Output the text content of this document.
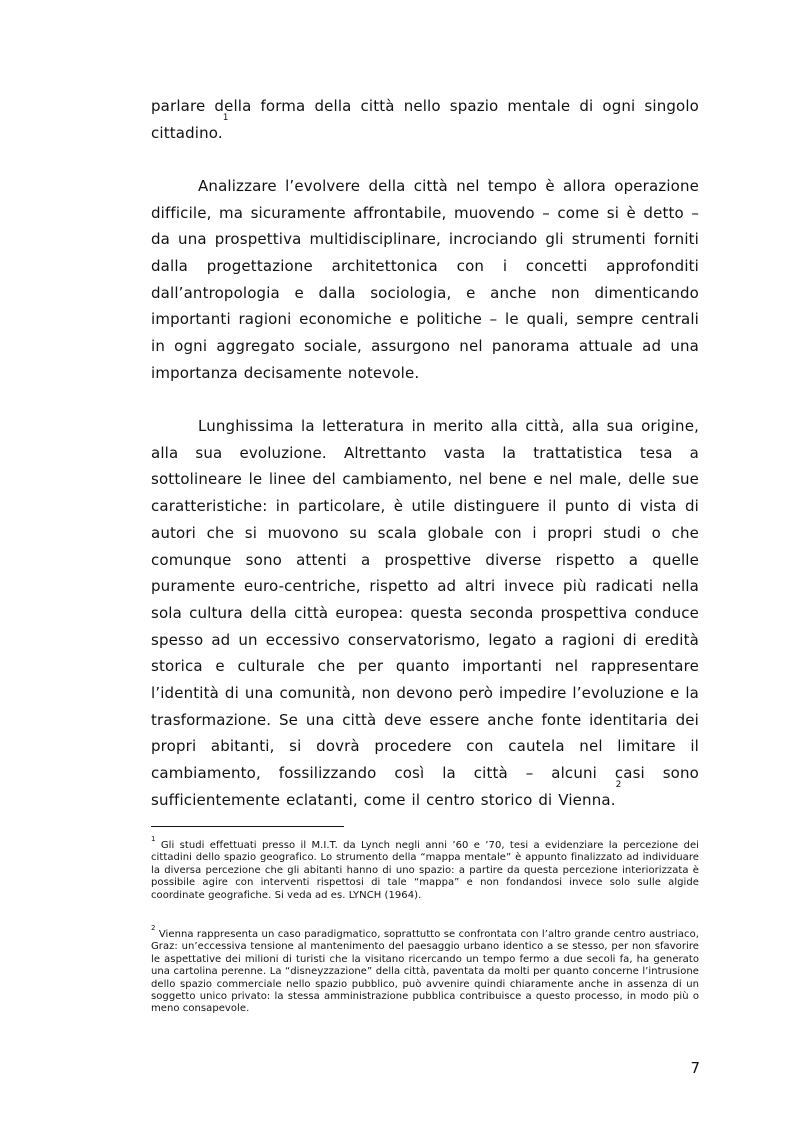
parlare della forma della città nello spazio mentale di ogni singolo cittadino.$^1$

Analizzare l’evolvere della città nel tempo è allora operazione difficile, ma sicuramente affrontabile, muovendo – come si è detto – da una prospettiva multidisciplinare, incrociando gli strumenti forniti dalla progettazione architettonica con i concetti approfonditi dall’antropologia e dalla sociologia, e anche non dimenticando importanti ragioni economiche e politiche – le quali, sempre centrali in ogni aggregato sociale, assurgono nel panorama attuale ad una importanza decisamente notevole.

Lunghissima la letteratura in merito alla città, alla sua origine, alla sua evoluzione. Altrettanto vasta la trattatistica tesa a sottolineare le linee del cambiamento, nel bene e nel male, delle sue caratteristiche: in particolare, è utile distinguere il punto di vista di autori che si muovono su scala globale con i propri studi o che comunque sono attenti a prospettive diverse rispetto a quelle puramente euro-centriche, rispetto ad altri invece più radicati nella sola cultura della città europea: questa seconda prospettiva conduce spesso ad un eccessivo conservatorismo, legato a ragioni di eredità storica e culturale che per quanto importanti nel rappresentare l’identità di una comunità, non devono però impedire l’evoluzione e la trasformazione. Se una città deve essere anche fonte identitaria dei propri abitanti, si dovrà procedere con cautela nel limitare il cambiamento, fossilizzando così la città – alcuni casi sono sufficientemente eclatanti, come il centro storico di Vienna.$^2$

$^1$ Gli studi effettuati presso il M.I.T. da Lynch negli anni ’60 e ’70, tesi a evidenziare la percezione dei cittadini dello spazio geografico. Lo strumento della “mappa mentale” è appunto finalizzato ad individuare la diversa percezione che gli abitanti hanno di uno spazio: a partire da questa percezione interiorizzata è possibile agire con interventi rispettosi di tale “mappa” e non fondandosi invece solo sulle algide coordinate geografiche. Si veda ad es. LYNCH (1964).

$^2$ Vienna rappresenta un caso paradigmatico, soprattutto se confrontata con l’altro grande centro austriaco, Graz: un’eccessiva tensione al mantenimento del paesaggio urbano identico a se stesso, per non sfavorire le aspettative dei milioni di turisti che la visitano ricercando un tempo fermo a due secoli fa, ha generato una cartolina perenne. La “disneyzzazione” della città, paventata da molti per quanto concerne l’intrusione dello spazio commerciale nello spazio pubblico, può avvenire quindi chiaramente anche in assenza di un soggetto unico privato: la stessa amministrazione pubblica contribuisce a questo processo, in modo più o meno consapevole.

7
